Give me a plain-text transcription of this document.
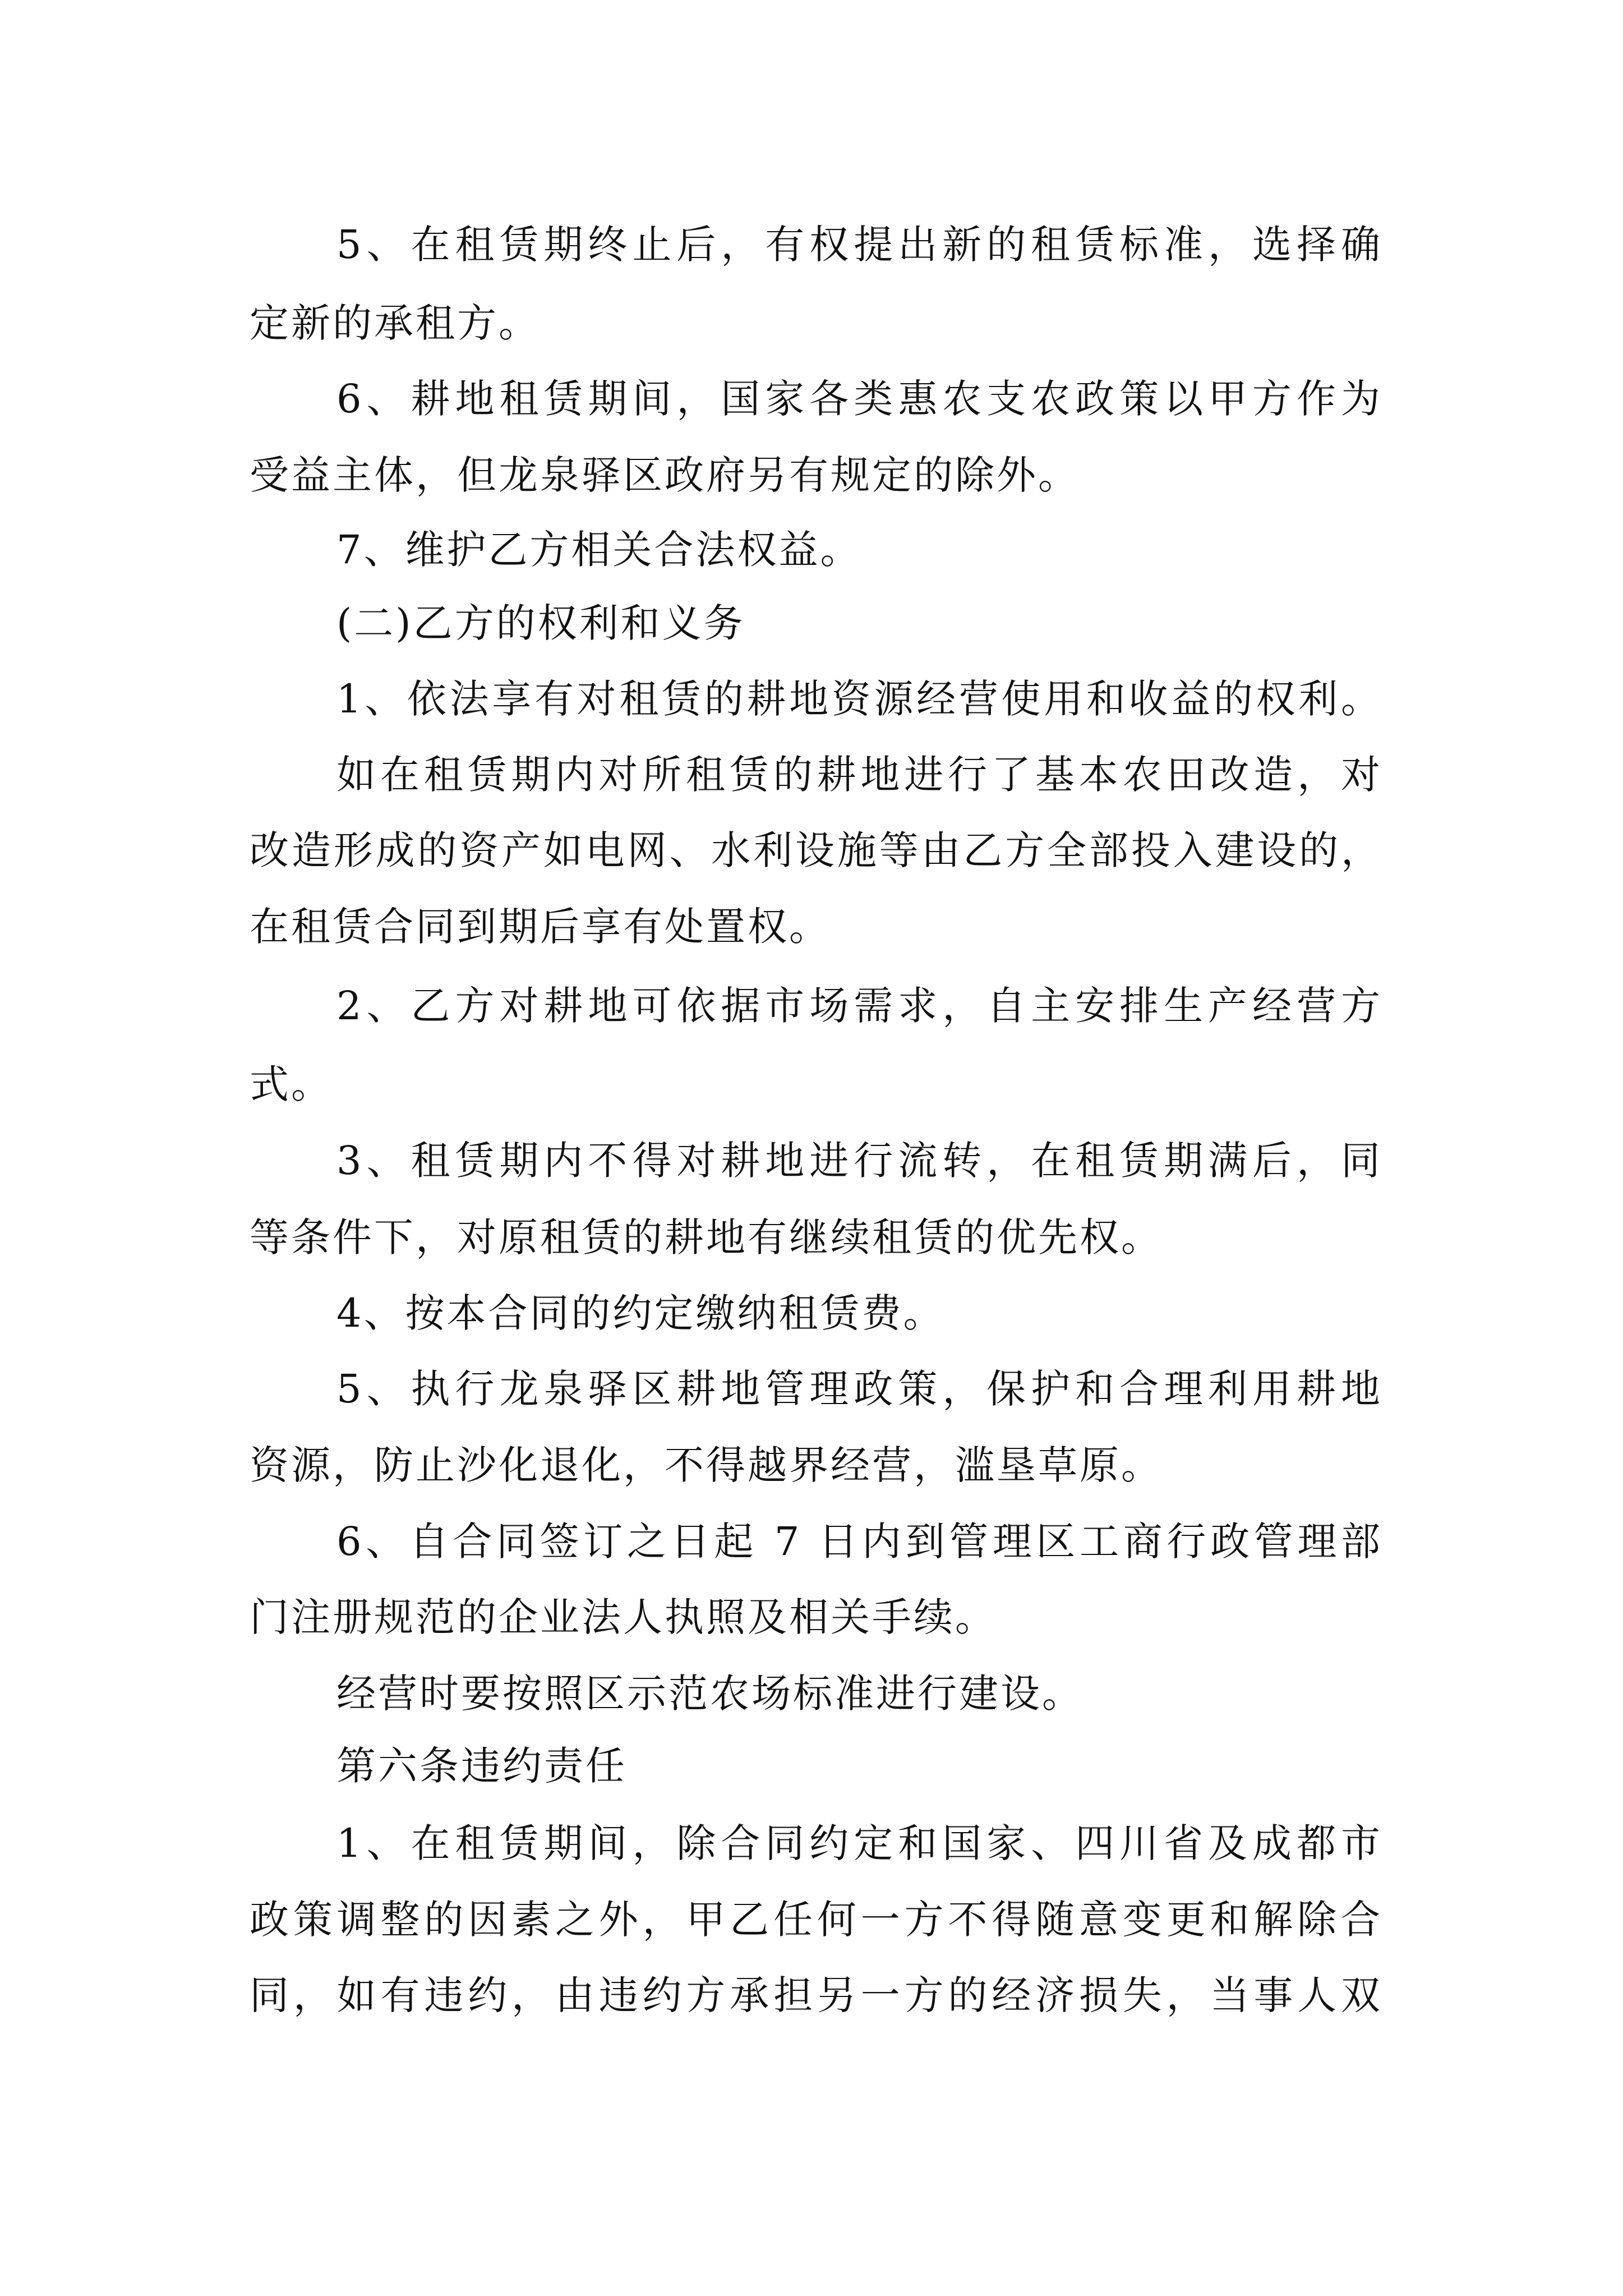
5、在租赁期终止后，有权提出新的租赁标准，选择确
定新的承租方。
6、耕地租赁期间，国家各类惠农支农政策以甲方作为
受益主体，但龙泉驿区政府另有规定的除外。
7、维护乙方相关合法权益。
(二)乙方的权利和义务
1、依法享有对租赁的耕地资源经营使用和收益的权利。
如在租赁期内对所租赁的耕地进行了基本农田改造，对
改造形成的资产如电网、水利设施等由乙方全部投入建设的，
在租赁合同到期后享有处置权。
2、乙方对耕地可依据市场需求，自主安排生产经营方
式。
3、租赁期内不得对耕地进行流转，在租赁期满后，同
等条件下，对原租赁的耕地有继续租赁的优先权。
4、按本合同的约定缴纳租赁费。
5、执行龙泉驿区耕地管理政策，保护和合理利用耕地
资源，防止沙化退化，不得越界经营，滥垦草原。
6、自合同签订之日起 7 日内到管理区工商行政管理部
门注册规范的企业法人执照及相关手续。
经营时要按照区示范农场标准进行建设。
第六条违约责任
1、在租赁期间，除合同约定和国家、四川省及成都市
政策调整的因素之外，甲乙任何一方不得随意变更和解除合
同，如有违约，由违约方承担另一方的经济损失，当事人双
